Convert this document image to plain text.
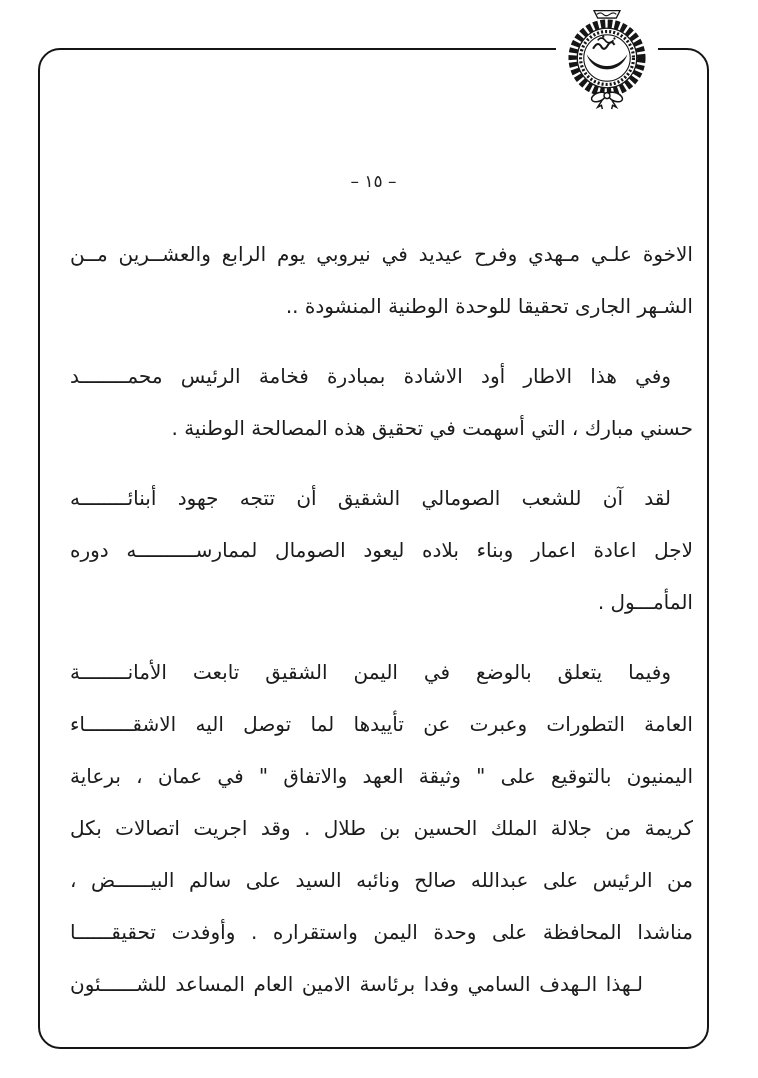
– ١٥ –
الاخوة علـي مـهدي وفرح عيديد في نيروبي يوم الرابع والعشــرين مــن
الشـهر الجارى تحقيقا للوحدة الوطنية المنشودة ..
وفي هذا الاطار أود الاشادة بمبادرة فخامة الرئيس محمــــــــد
حسني مبارك ، التي أسهمت في تحقيق هذه المصالحة الوطنية .
لقد آن للشعب الصومالي الشقيق أن تتجه جهود أبنائــــــــه
لاجل اعادة اعمار وبناء بلاده ليعود الصومال لممارســــــــــه دوره
المأمـــول .
وفيما يتعلق بالوضع في اليمن الشقيق تابعت الأمانــــــــة
العامة التطورات وعبرت عن تأييدها لما توصل اليه الاشقــــــــاء
اليمنيون بالتوقيع على " وثيقة العهد والاتفاق " في عمان ، برعاية
كريمة من جلالة الملك الحسين بن طلال . وقد اجريت اتصالات بكل
من الرئيس على عبدالله صالح ونائبه السيد على سالم البيــــــض ،
مناشدا المحافظة على وحدة اليمن واستقراره . وأوفدت تحقيقــــــا
لـهذا الـهدف السامي وفدا برئاسة الامين العام المساعد للشــــــئون
